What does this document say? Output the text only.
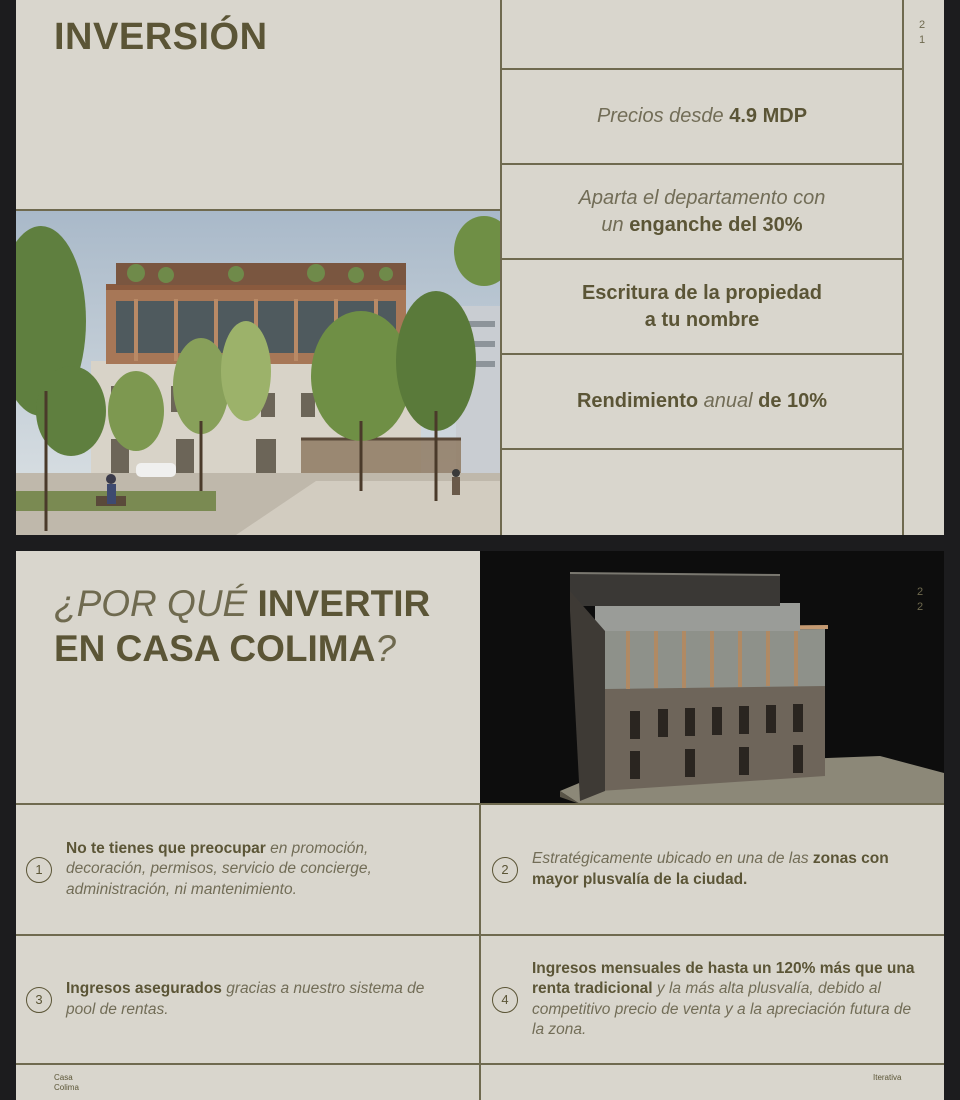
INVERSIÓN	2
1
Precios desde 4.9 MDP
Aparta el departamento con
un enganche del 30%
Escritura de la propiedad
a tu nombre
Rendimiento anual de 10%
¿POR QUÉ INVERTIR
EN CASA COLIMA?
2
2
1
No te tienes que preocupar en promoción, decoración, permisos, servicio de concierge, administración, ni mantenimiento.
2
Estratégicamente ubicado en una de las zonas con mayor plusvalía de la ciudad.
3
Ingresos asegurados gracias a nuestro sistema de pool de rentas.
4
Ingresos mensuales de hasta un 120% más que una renta tradicional y la más alta plusvalía, debido al competitivo precio de venta y a la apreciación futura de la zona.
Casa
Colima
Iterativa
